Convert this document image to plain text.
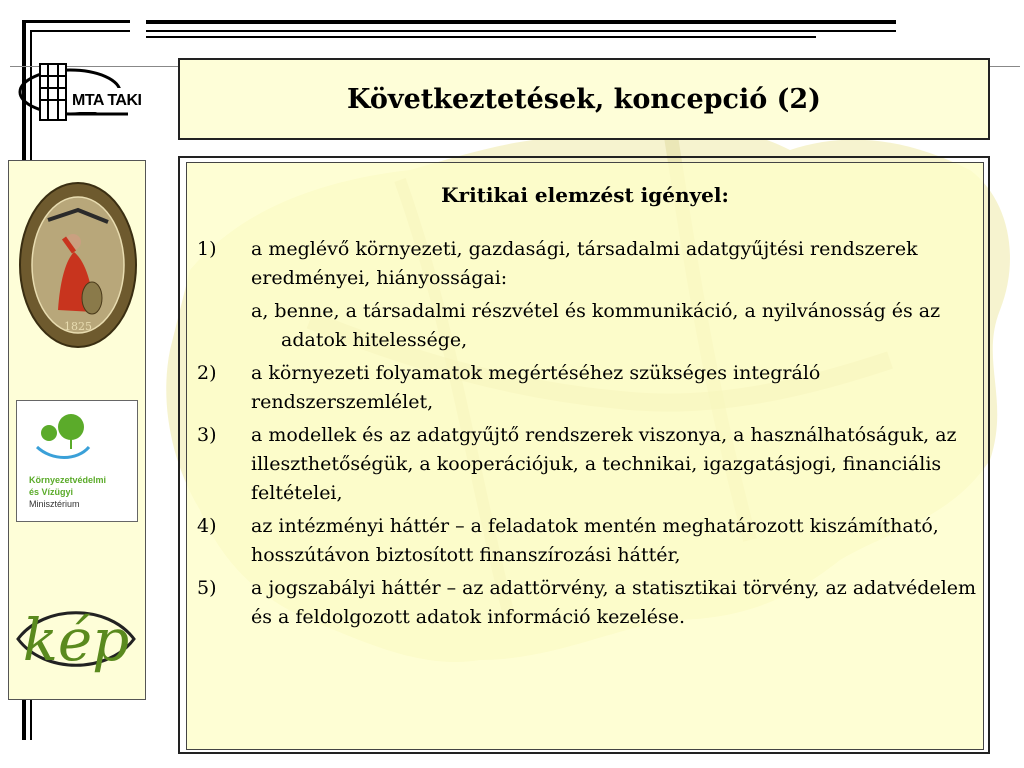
MTA TAKI
1825
Környezetvédelmi
és Vízügyi
Minisztérium
kép
Következtetések, koncepció (2)
Kritikai elemzést igényel:
1)	a meglévő környezeti, gazdasági, társadalmi adatgyűjtési rendszerek eredményei, hiányosságai:
a, benne, a társadalmi részvétel és kommunikáció, a nyilvánosság és az adatok hitelessége,
2)	a környezeti folyamatok megértéséhez szükséges integráló rendszerszemlélet,
3)	a modellek és az adatgyűjtő rendszerek viszonya, a használhatóságuk, az illeszthetőségük, a kooperációjuk, a technikai, igazgatásjogi, financiális feltételei,
4)	az intézményi háttér – a feladatok mentén meghatározott kiszámítható, hosszútávon biztosított finanszírozási háttér,
5)	a jogszabályi háttér – az adattörvény, a statisztikai törvény, az adatvédelem és a feldolgozott adatok információ kezelése.
